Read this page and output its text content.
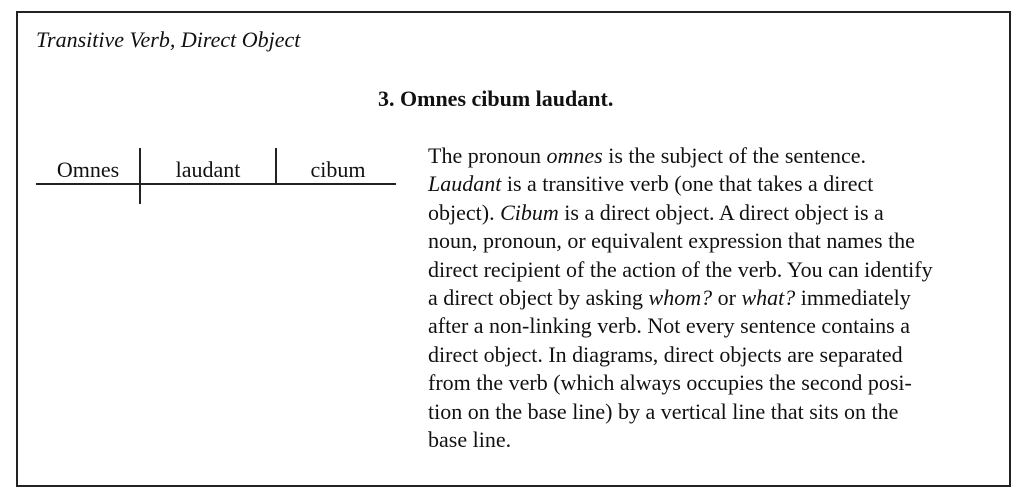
Transitive Verb, Direct Object
3. Omnes cibum laudant.
Omnes	laudant	cibum
The pronoun omnes is the subject of the sentence.
Laudant is a transitive verb (one that takes a direct
object). Cibum is a direct object. A direct object is a
noun, pronoun, or equivalent expression that names the
direct recipient of the action of the verb. You can identify
a direct object by asking whom? or what? immediately
after a non-linking verb. Not every sentence contains a
direct object. In diagrams, direct objects are separated
from the verb (which always occupies the second posi-
tion on the base line) by a vertical line that sits on the
base line.
